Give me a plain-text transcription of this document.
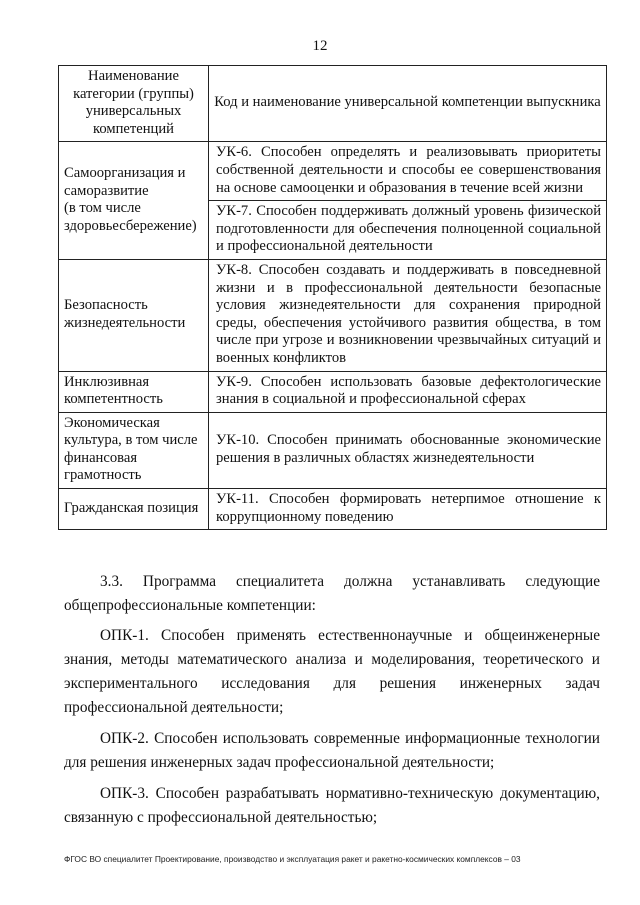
12
Наименование категории (группы) универсальных компетенций	Код и наименование универсальной компетенции выпускника

Самоорганизация и саморазвитие
(в том числе здоровьесбережение)	УК-6. Способен определять и реализовывать приоритеты собственной деятельности и способы ее совершенствования на основе самооценки и образования в течение всей жизни
	УК-7. Способен поддерживать должный уровень физической подготовленности для обеспечения полноценной социальной и профессиональной деятельности

Безопасность жизнедеятельности	УК-8. Способен создавать и поддерживать в повседневной жизни и в профессиональной деятельности безопасные условия жизнедеятельности для сохранения природной среды, обеспечения устойчивого развития общества, в том числе при угрозе и возникновении чрезвычайных ситуаций и военных конфликтов

Инклюзивная компетентность	УК-9. Способен использовать базовые дефектологические знания в социальной и профессиональной сферах

Экономическая культура, в том числе финансовая грамотность	УК-10. Способен принимать обоснованные экономические решения в различных областях жизнедеятельности

Гражданская позиция	УК-11. Способен формировать нетерпимое отношение к коррупционному поведению

3.3. Программа специалитета должна устанавливать следующие общепрофессиональные компетенции:

ОПК-1. Способен применять естественнонаучные и общеинженерные знания, методы математического анализа и моделирования, теоретического и экспериментального исследования для решения инженерных задач профессиональной деятельности;

ОПК-2. Способен использовать современные информационные технологии для решения инженерных задач профессиональной деятельности;

ОПК-3. Способен разрабатывать нормативно-техническую документацию, связанную с профессиональной деятельностью;

ФГОС ВО специалитет Проектирование, производство и эксплуатация ракет и ракетно-космических комплексов – 03
